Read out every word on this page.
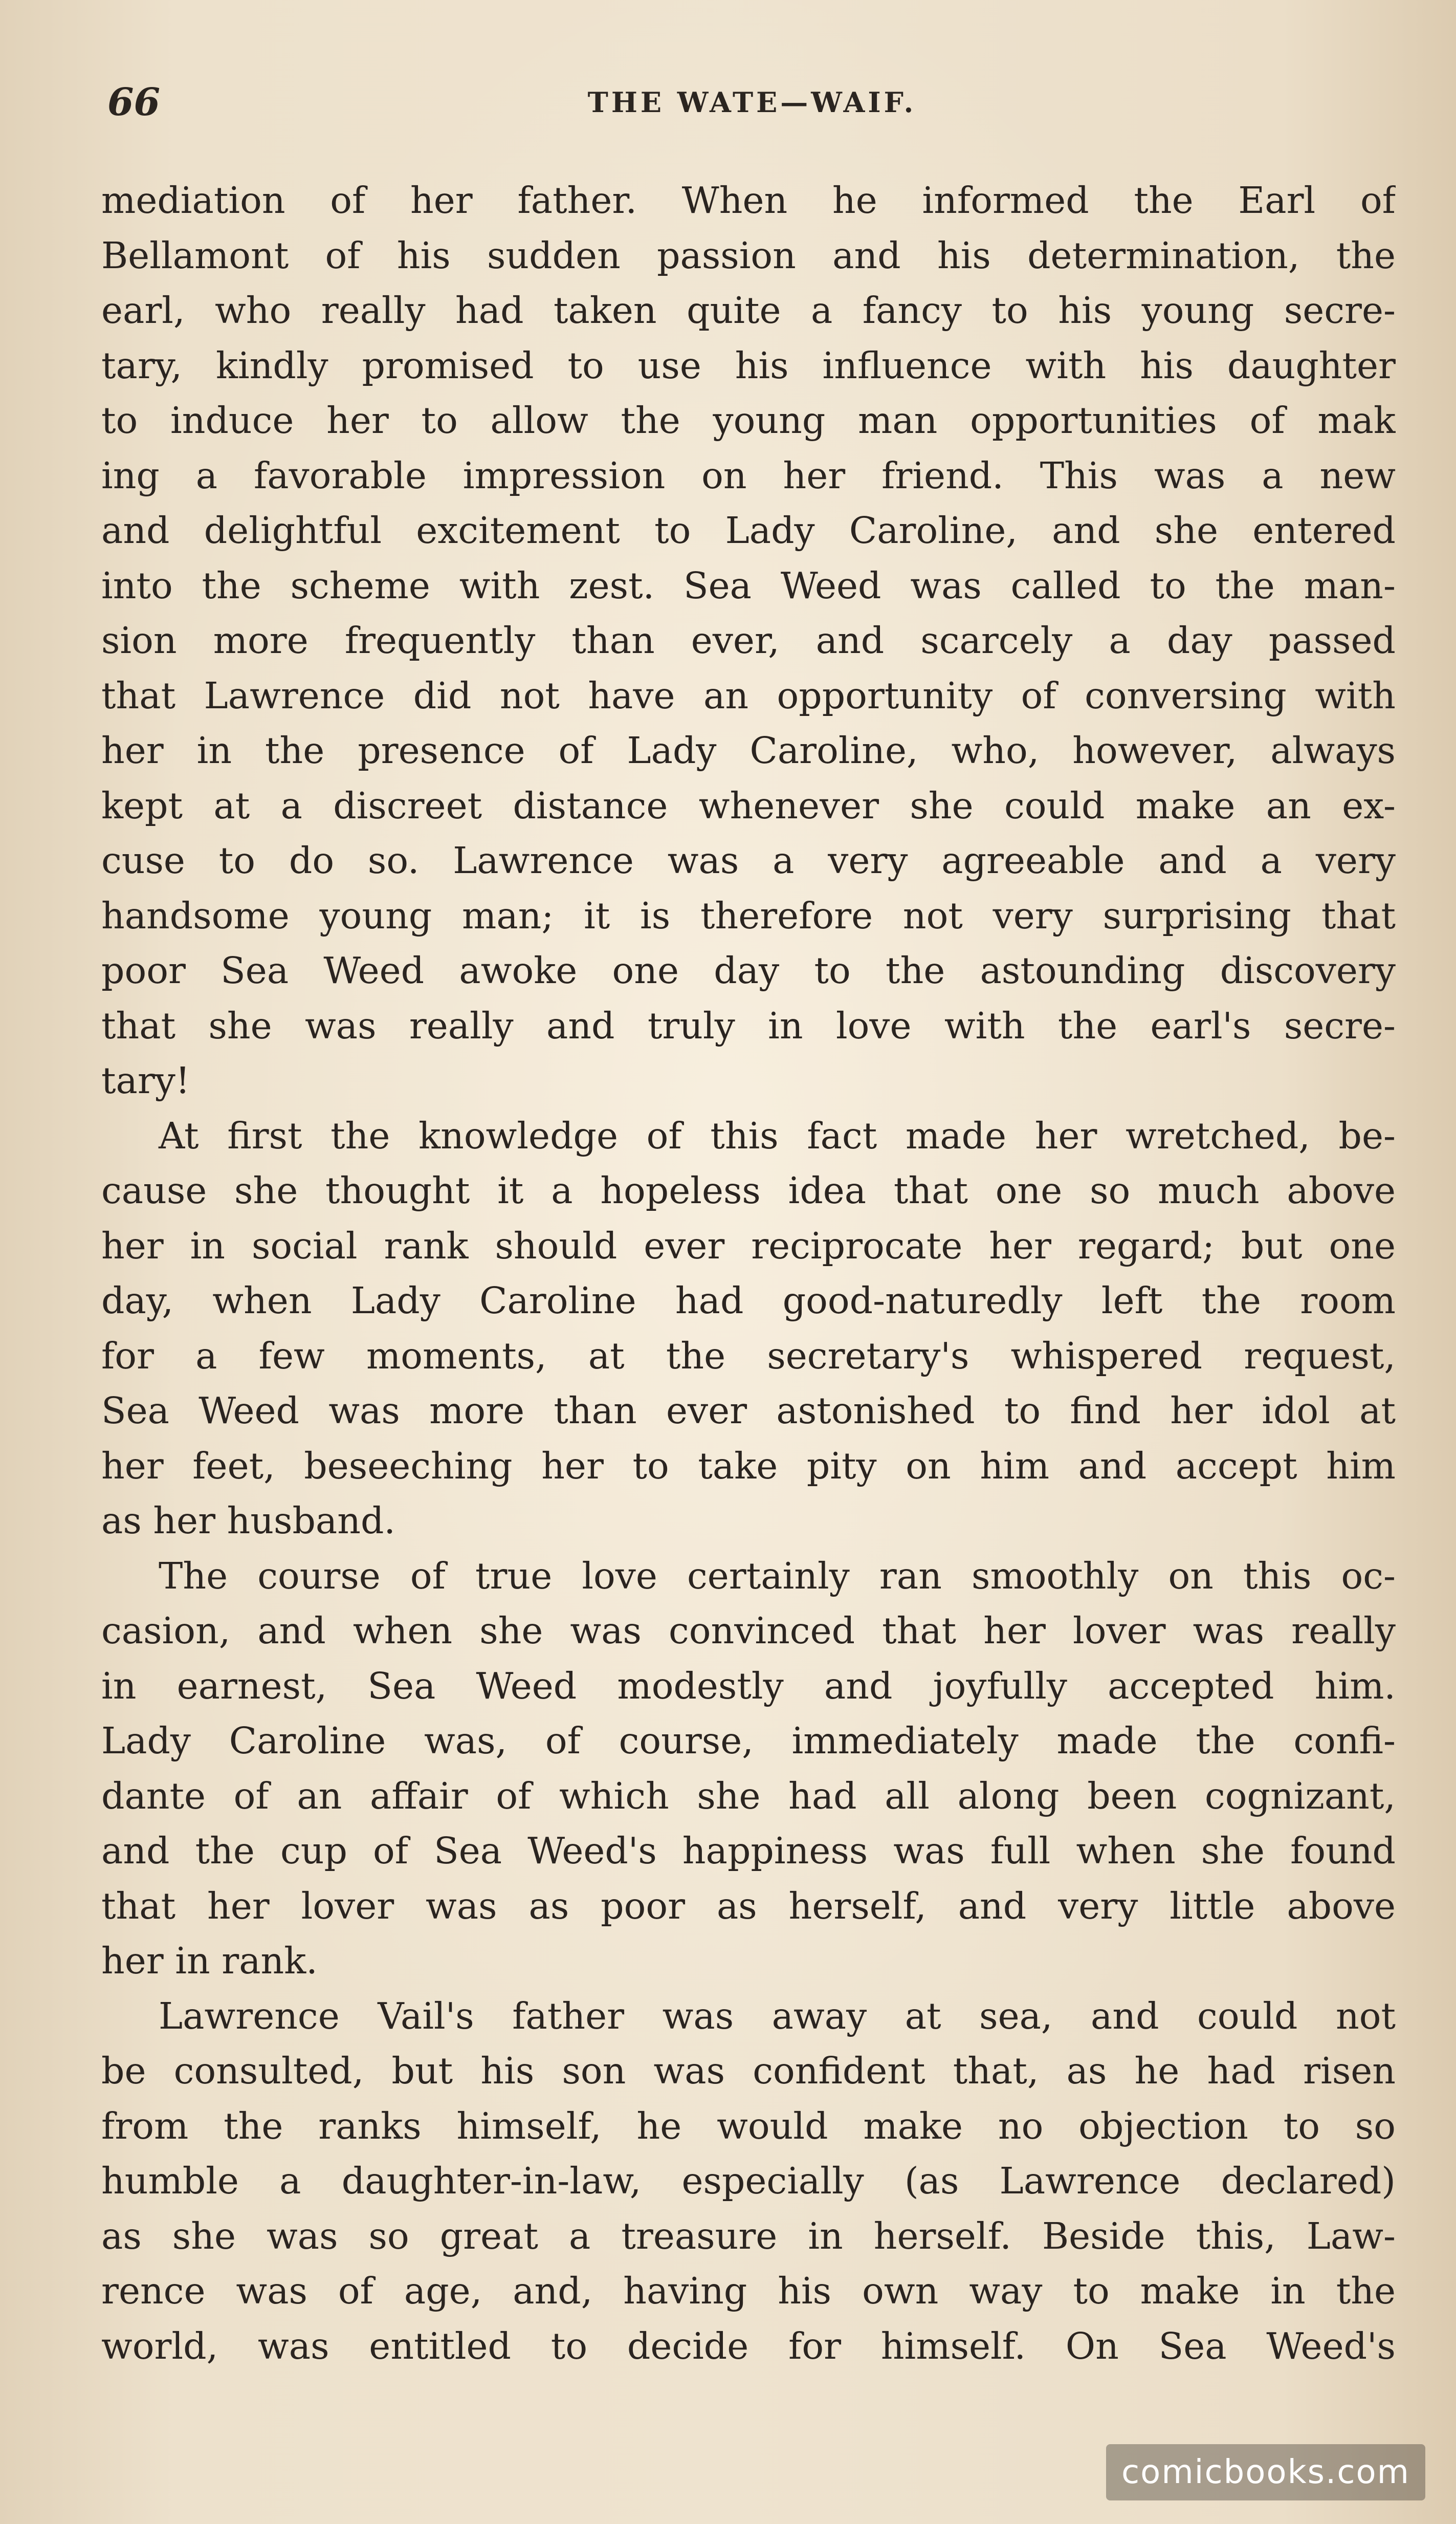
66	THE WATE—WAIF.
mediation of her father. When he informed the Earl of
Bellamont of his sudden passion and his determination, the
earl, who really had taken quite a fancy to his young secre-
tary, kindly promised to use his influence with his daughter
to induce her to allow the young man opportunities of mak
ing a favorable impression on her friend. This was a new
and delightful excitement to Lady Caroline, and she entered
into the scheme with zest. Sea Weed was called to the man-
sion more frequently than ever, and scarcely a day passed
that Lawrence did not have an opportunity of conversing with
her in the presence of Lady Caroline, who, however, always
kept at a discreet distance whenever she could make an ex-
cuse to do so. Lawrence was a very agreeable and a very
handsome young man; it is therefore not very surprising that
poor Sea Weed awoke one day to the astounding discovery
that she was really and truly in love with the earl's secre-
tary!
At first the knowledge of this fact made her wretched, be-
cause she thought it a hopeless idea that one so much above
her in social rank should ever reciprocate her regard; but one
day, when Lady Caroline had good-naturedly left the room
for a few moments, at the secretary's whispered request,
Sea Weed was more than ever astonished to find her idol at
her feet, beseeching her to take pity on him and accept him
as her husband.
The course of true love certainly ran smoothly on this oc-
casion, and when she was convinced that her lover was really
in earnest, Sea Weed modestly and joyfully accepted him.
Lady Caroline was, of course, immediately made the confi-
dante of an affair of which she had all along been cognizant,
and the cup of Sea Weed's happiness was full when she found
that her lover was as poor as herself, and very little above
her in rank.
Lawrence Vail's father was away at sea, and could not
be consulted, but his son was confident that, as he had risen
from the ranks himself, he would make no objection to so
humble a daughter-in-law, especially (as Lawrence declared)
as she was so great a treasure in herself. Beside this, Law-
rence was of age, and, having his own way to make in the
world, was entitled to decide for himself. On Sea Weed's
comicbooks.com
